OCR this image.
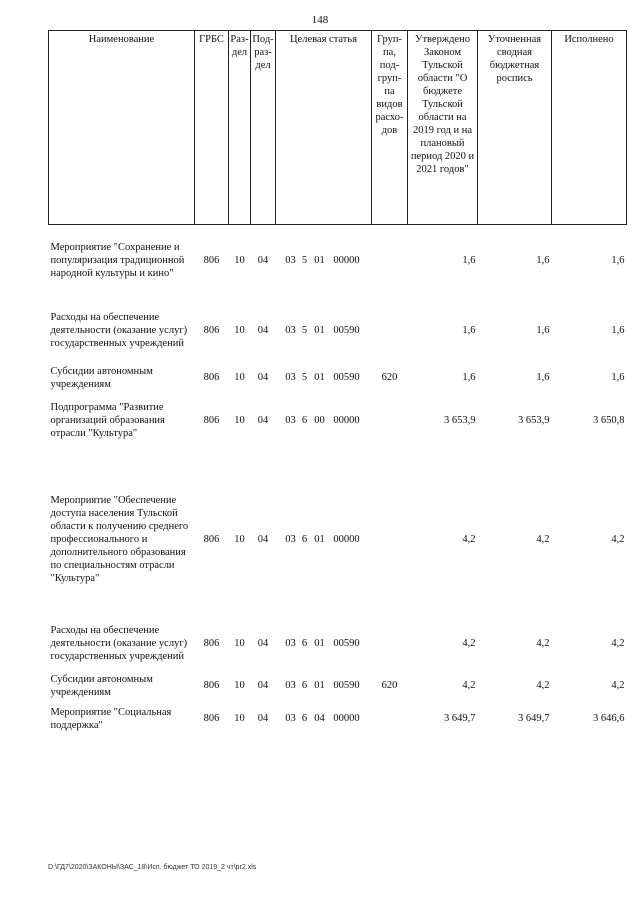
148
Наименование	ГРБС	Раз-дел	Под-раз-дел	Целевая статья	Груп-па, под-груп-па видов расхо-дов	Утверждено Законом Тульской области "О бюджете Тульской области на 2019 год и на плановый период 2020 и 2021 годов"	Уточненная сводная бюджетная роспись	Исполнено
Мероприятие "Сохранение и популяризация традиционной народной культуры и кино"	806	10	04	03 5 01 00000		1,6	1,6	1,6
Расходы на обеспечение деятельности (оказание услуг) государственных учреждений	806	10	04	03 5 01 00590		1,6	1,6	1,6
Субсидии автономным учреждениям	806	10	04	03 5 01 00590	620	1,6	1,6	1,6
Подпрограмма "Развитие организаций образования отрасли "Культура"	806	10	04	03 6 00 00000		3 653,9	3 653,9	3 650,8

Мероприятие "Обеспечение доступа населения Тульской области к получению среднего профессионального и дополнительного образования по специальностям отрасли "Культура"	806	10	04	03 6 01 00000		4,2	4,2	4,2
Расходы на обеспечение деятельности (оказание услуг) государственных учреждений	806	10	04	03 6 01 00590		4,2	4,2	4,2
Субсидии автономным учреждениям	806	10	04	03 6 01 00590	620	4,2	4,2	4,2
Мероприятие "Социальная поддержка"	806	10	04	03 6 04 00000		3 649,7	3 649,7	3 646,6
D:\ГД7\2020\ЗАКОНЫ\ЗАС_18\Исп. бюджет ТО 2019_2 чт\pr2.xls
